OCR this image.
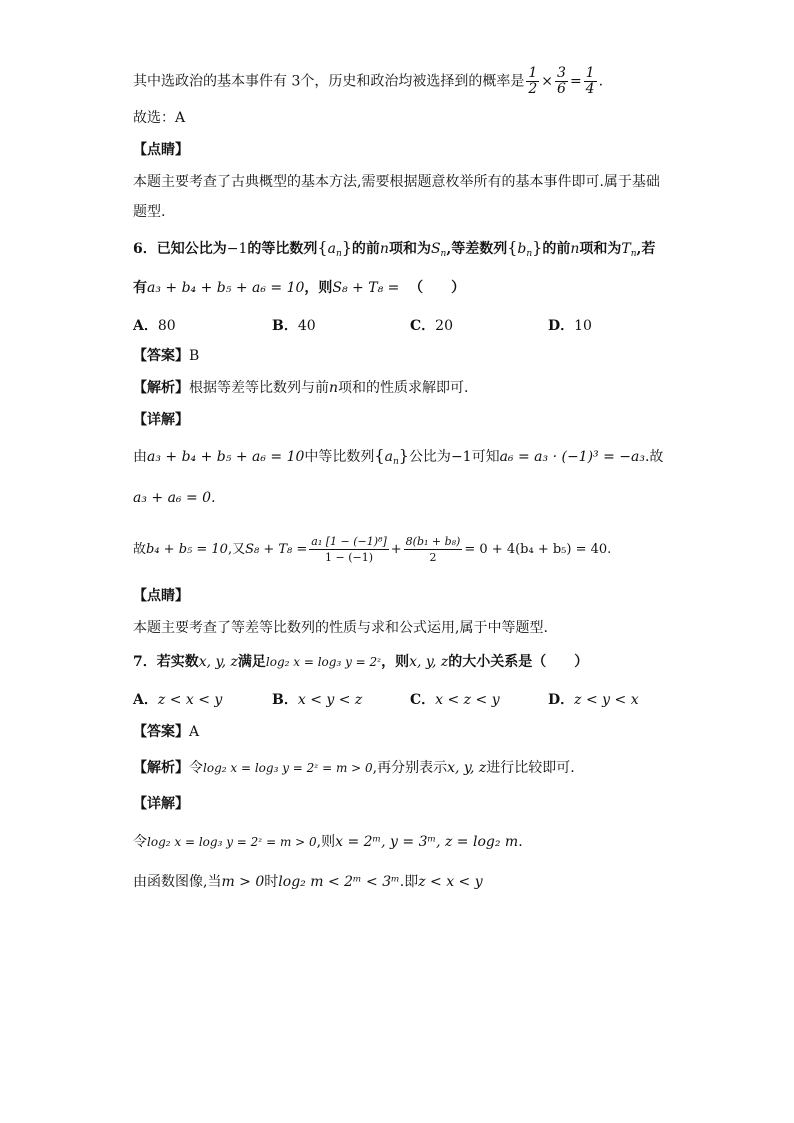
其中选政治的基本事件有 3个，历史和政治均被选择到的概率是 $\frac{1}{2} \times \frac{3}{6} = \frac{1}{4}$ .
故选：A
【点睛】
本题主要考查了古典概型的基本方法,需要根据题意枚举所有的基本事件即可.属于基础
题型.
6．已知公比为−1的等比数列$\{a_n\}$的前n项和为$S_n$,等差数列$\{b_n\}$的前n项和为$T_n$,若
有a₃ + b₄ + b₅ + a₆ = 10，则S₈ + T₈ = （　　）
A．80	B．40	C．20	D．10
【答案】B
【解析】根据等差等比数列与前n项和的性质求解即可.
【详解】
由a₃ + b₄ + b₅ + a₆ = 10中等比数列$\{a_n\}$公比为−1可知a₆ = a₃ · (−1)³ = −a₃.故
a₃ + a₆ = 0.
故b₄ + b₅ = 10,又$S_8 + T_8 = \frac{\text{a₁ [1 − (−1)⁸]}}{1 - (-1)} + \frac{\text{8(b₁ + b₈)}}{2} = 0 + 4(b_4 + b_5) = 40$.
【点睛】
本题主要考查了等差等比数列的性质与求和公式运用,属于中等题型.
7．若实数x, y, z满足log₂ x = log₃ y = 2ᶻ，则x, y, z的大小关系是（　　）
A．z < x < y	B．x < y < z	C．x < z < y	D．z < y < x
【答案】A
【解析】令log₂ x = log₃ y = 2ᶻ = m > 0,再分别表示x, y, z进行比较即可.
【详解】
令log₂ x = log₃ y = 2ᶻ = m > 0,则x = 2ᵐ, y = 3ᵐ, z = log₂ m.
由函数图像,当m > 0时log₂ m < 2ᵐ < 3ᵐ.即z < x < y
